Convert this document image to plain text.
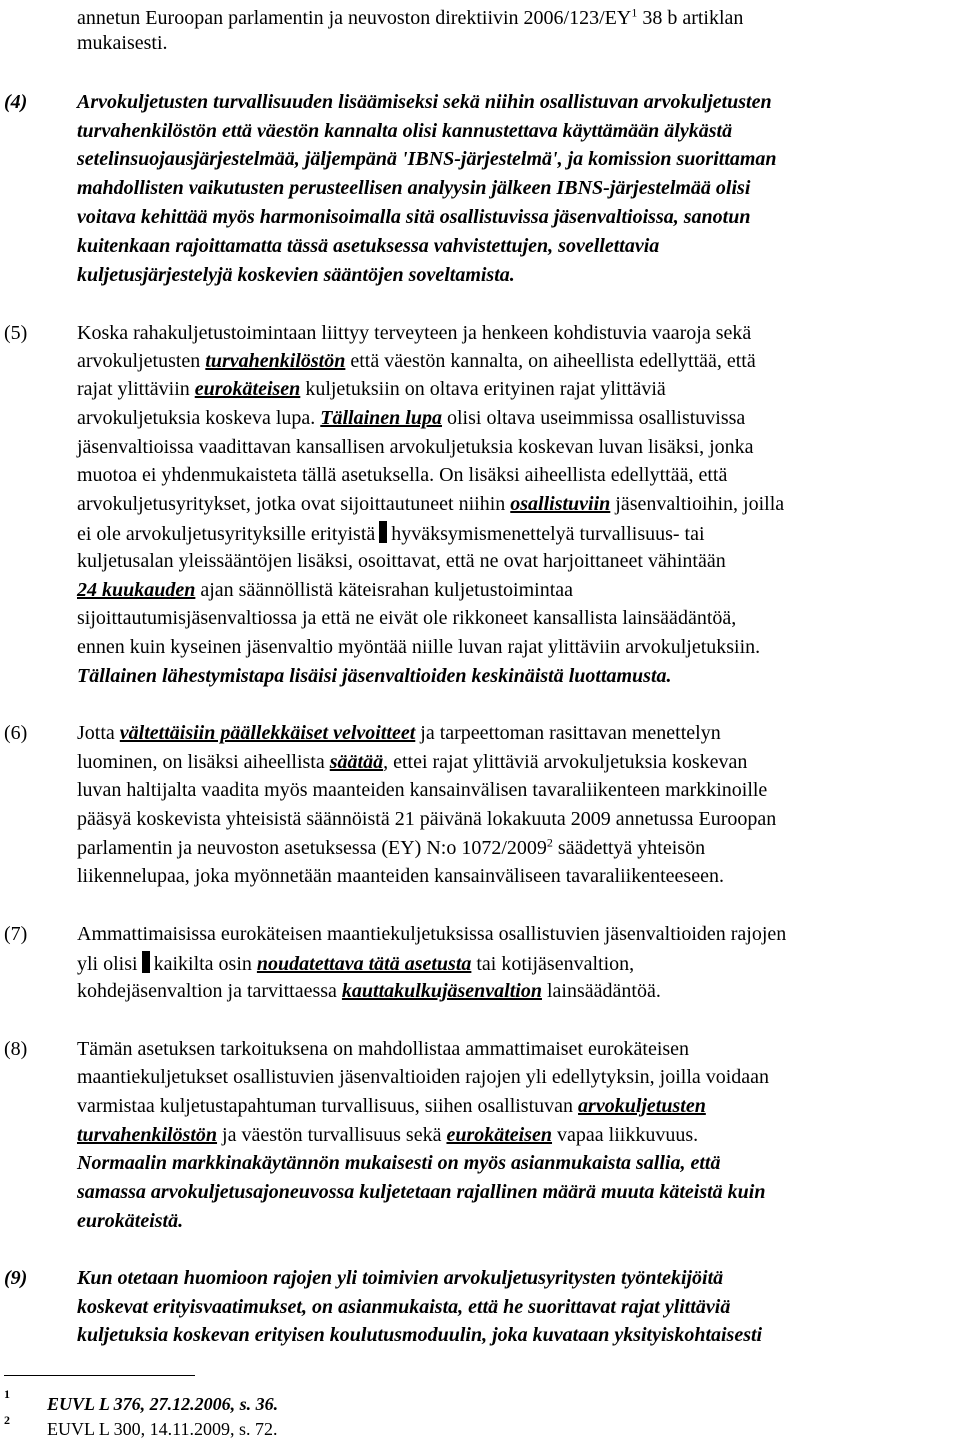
annetun Euroopan parlamentin ja neuvoston direktiivin $2006/123/EY^1$ 38 b artiklan
mukaisesti.
(4) Arvokuljetusten turvallisuuden lisäämiseksi sekä niihin osallistuvan arvokuljetusten
turvahenkilöstön että väestön kannalta olisi kannustettava käyttämään älykästä
setelinsuojausjärjestelmää, jäljempänä 'IBNS-järjestelmä', ja komission suorittaman
mahdollisten vaikutusten perusteellisen analyysin jälkeen IBNS-järjestelmää olisi
voitava kehittää myös harmonisoimalla sitä osallistuvissa jäsenvaltioissa, sanotun
kuitenkaan rajoittamatta tässä asetuksessa vahvistettujen, sovellettavia
kuljetusjärjestelyjä koskevien sääntöjen soveltamista.
(5) Koska rahakuljetustoimintaan liittyy terveyteen ja henkeen kohdistuvia vaaroja sekä
arvokuljetusten turvahenkilöstön että väestön kannalta, on aiheellista edellyttää, että
rajat ylittäviin eurokäteisen kuljetuksiin on oltava erityinen rajat ylittäviä
arvokuljetuksia koskeva lupa. Tällainen lupa olisi oltava useimmissa osallistuvissa
jäsenvaltioissa vaadittavan kansallisen arvokuljetuksia koskevan luvan lisäksi, jonka
muotoa ei yhdenmukaisteta tällä asetuksella. On lisäksi aiheellista edellyttää, että
arvokuljetusyritykset, jotka ovat sijoittautuneet niihin osallistuviin jäsenvaltioihin, joilla
ei ole arvokuljetusyrityksille erityistä hyväksymismenettelyä turvallisuus- tai
kuljetusalan yleissääntöjen lisäksi, osoittavat, että ne ovat harjoittaneet vähintään
24 kuukauden ajan säännöllistä käteisrahan kuljetustoimintaa
sijoittautumisjäsenvaltiossa ja että ne eivät ole rikkoneet kansallista lainsäädäntöä,
ennen kuin kyseinen jäsenvaltio myöntää niille luvan rajat ylittäviin arvokuljetuksiin.
Tällainen lähestymistapa lisäisi jäsenvaltioiden keskinäistä luottamusta.
(6) Jotta vältettäisiin päällekkäiset velvoitteet ja tarpeettoman rasittavan menettelyn
luominen, on lisäksi aiheellista säätää, ettei rajat ylittäviä arvokuljetuksia koskevan
luvan haltijalta vaadita myös maanteiden kansainvälisen tavaraliikenteen markkinoille
pääsyä koskevista yhteisistä säännöistä 21 päivänä lokakuuta 2009 annetussa Euroopan
parlamentin ja neuvoston asetuksessa (EY) N:o 1072/2009$^2$ säädettyä yhteisön
liikennelupaa, joka myönnetään maanteiden kansainväliseen tavaraliikenteeseen.
(7) Ammattimaisissa eurokäteisen maantiekuljetuksissa osallistuvien jäsenvaltioiden rajojen
yli olisi kaikilta osin noudatettava tätä asetusta tai kotijäsenvaltion,
kohdejäsenvaltion ja tarvittaessa kauttakulkujäsenvaltion lainsäädäntöä.
(8) Tämän asetuksen tarkoituksena on mahdollistaa ammattimaiset eurokäteisen
maantiekuljetukset osallistuvien jäsenvaltioiden rajojen yli edellytyksin, joilla voidaan
varmistaa kuljetustapahtuman turvallisuus, siihen osallistuvan arvokuljetusten
turvahenkilöstön ja väestön turvallisuus sekä eurokäteisen vapaa liikkuvuus.
Normaalin markkinakäytännön mukaisesti on myös asianmukaista sallia, että
samassa arvokuljetusajoneuvossa kuljetetaan rajallinen määrä muuta käteistä kuin
eurokäteistä.
(9) Kun otetaan huomioon rajojen yli toimivien arvokuljetusyritysten työntekijöitä
koskevat erityisvaatimukset, on asianmukaista, että he suorittavat rajat ylittäviä
kuljetuksia koskevan erityisen koulutusmoduulin, joka kuvataan yksityiskohtaisesti
1 EUVL L 376, 27.12.2006, s. 36.
2 EUVL L 300, 14.11.2009, s. 72.
